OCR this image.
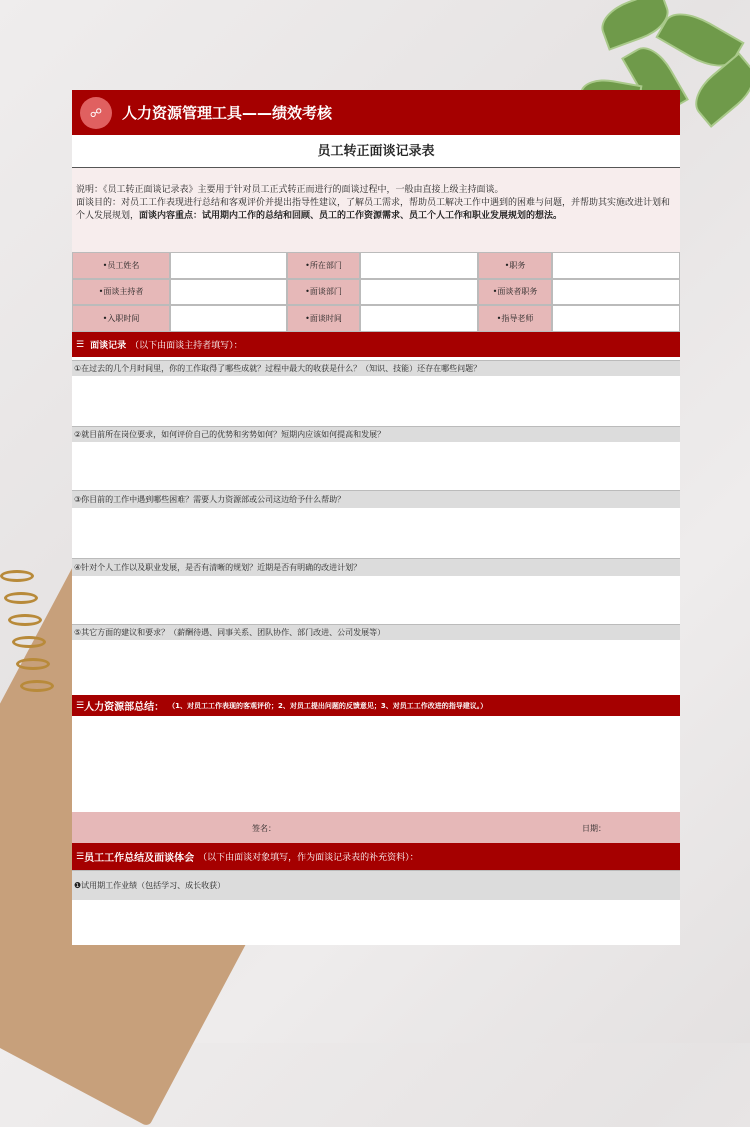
☍	人力资源管理工具——绩效考核
员工转正面谈记录表
说明：《员工转正面谈记录表》主要用于针对员工正式转正而进行的面谈过程中，一般由直接上级主持面谈。
面谈目的：对员工工作表现进行总结和客观评价并提出指导性建议，了解员工需求，帮助员工解决工作中遇到的困难与问题，并帮助其实施改进计划和个人发展规划，面谈内容重点：试用期内工作的总结和回顾、员工的工作资源需求、员工个人工作和职业发展规划的想法。
•员工姓名	•所在部门	•职务
•面谈主持者	•面谈部门	•面谈者职务
•入职时间	•面谈时间	•指导老师
☰ 面谈记录 （以下由面谈主持者填写）：
①在过去的几个月时间里，你的工作取得了哪些成就？过程中最大的收获是什么？（知识、技能）还存在哪些问题？
②就目前所在岗位要求，如何评价自己的优势和劣势如何？短期内应该如何提高和发展？
③你目前的工作中遇到哪些困难？需要人力资源部或公司这边给予什么帮助？
④针对个人工作以及职业发展，是否有清晰的规划？近期是否有明确的改进计划？
⑤其它方面的建议和要求？（薪酬待遇、同事关系、团队协作、部门改进、公司发展等）
☰ 人力资源部总结： （1、对员工工作表现的客观评价；2、对员工提出问题的反馈意见；3、对员工工作改进的指导建议。）
签名：	日期：
☰ 员工工作总结及面谈体会 （以下由面谈对象填写，作为面谈记录表的补充资料）：
❶试用期工作业绩（包括学习、成长收获）
